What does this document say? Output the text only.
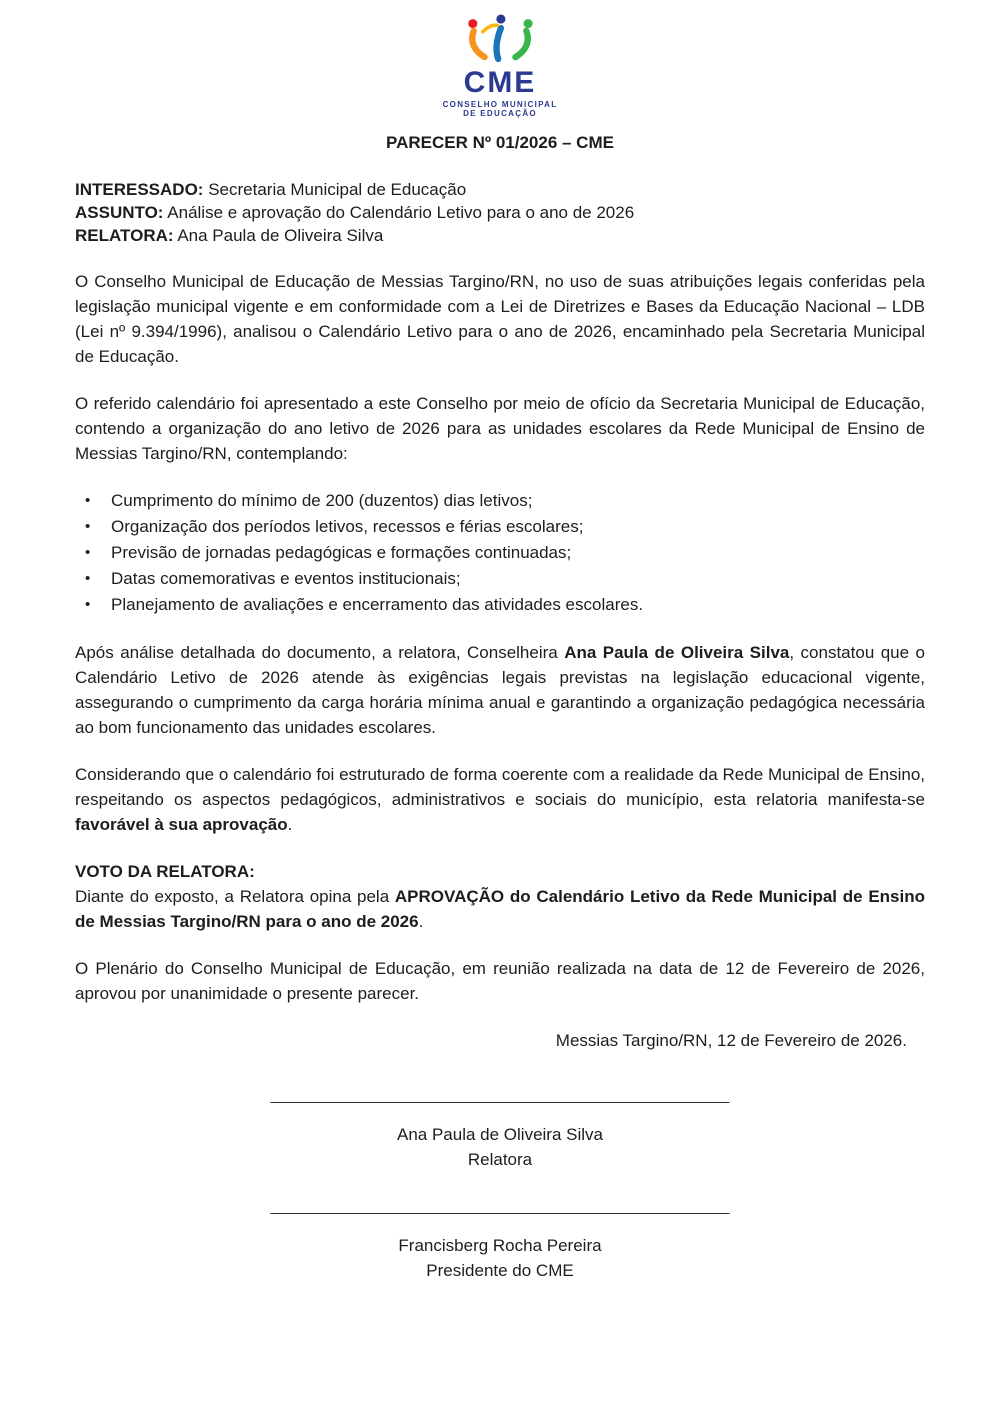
CME
CONSELHO MUNICIPAL
DE EDUCAÇÃO
PARECER Nº 01/2026 – CME

INTERESSADO: Secretaria Municipal de Educação

ASSUNTO: Análise e aprovação do Calendário Letivo para o ano de 2026

RELATORA: Ana Paula de Oliveira Silva

O Conselho Municipal de Educação de Messias Targino/RN, no uso de suas atribuições legais conferidas pela legislação municipal vigente e em conformidade com a Lei de Diretrizes e Bases da Educação Nacional – LDB (Lei nº 9.394/1996), analisou o Calendário Letivo para o ano de 2026, encaminhado pela Secretaria Municipal de Educação.

O referido calendário foi apresentado a este Conselho por meio de ofício da Secretaria Municipal de Educação, contendo a organização do ano letivo de 2026 para as unidades escolares da Rede Municipal de Ensino de Messias Targino/RN, contemplando:

• Cumprimento do mínimo de 200 (duzentos) dias letivos;
• Organização dos períodos letivos, recessos e férias escolares;
• Previsão de jornadas pedagógicas e formações continuadas;
• Datas comemorativas e eventos institucionais;
• Planejamento de avaliações e encerramento das atividades escolares.

Após análise detalhada do documento, a relatora, Conselheira Ana Paula de Oliveira Silva, constatou que o Calendário Letivo de 2026 atende às exigências legais previstas na legislação educacional vigente, assegurando o cumprimento da carga horária mínima anual e garantindo a organização pedagógica necessária ao bom funcionamento das unidades escolares.

Considerando que o calendário foi estruturado de forma coerente com a realidade da Rede Municipal de Ensino, respeitando os aspectos pedagógicos, administrativos e sociais do município, esta relatoria manifesta-se favorável à sua aprovação.

VOTO DA RELATORA:

Diante do exposto, a Relatora opina pela APROVAÇÃO do Calendário Letivo da Rede Municipal de Ensino de Messias Targino/RN para o ano de 2026.

O Plenário do Conselho Municipal de Educação, em reunião realizada na data de 12 de Fevereiro de 2026, aprovou por unanimidade o presente parecer.

Messias Targino/RN, 12 de Fevereiro de 2026.

_______________________________________________________
Ana Paula de Oliveira Silva
Relatora
_______________________________________________________
Francisberg Rocha Pereira
Presidente do CME
